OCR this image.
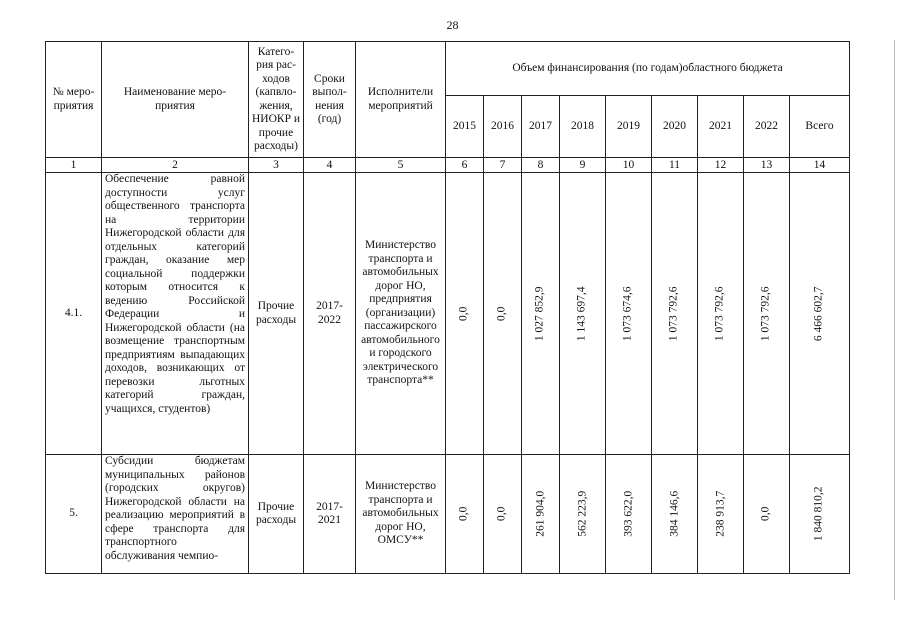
28
№ меро-приятия	Наименование меро-приятия	Катего-рия рас-ходов (капвло-жения, НИОКР и прочие расходы)	Сроки выпол-нения (год)	Исполнители мероприятий	Объем финансирования (по годам)областного бюджета								
					2015	2016	2017	2018	2019	2020	2021	2022	Всего
1	2	3	4	5	6	7	8	9	10	11	12	13	14
4.1.	Обеспечение равной доступности услуг общественного транспорта на территории Нижегородской области для отдельных категорий граждан, оказание мер социальной поддержки которым относится к ведению Российской Федерации и Нижегородской области (на возмещение транспортным предприятиям выпадающих доходов, возникающих от перевозки льготных категорий граждан, учащихся, студентов)	Прочие расходы	2017-2022	Министерство транспорта и автомобильных дорог НО, предприятия (организации) пассажирского автомобильного и городского электрического транспорта**	0,0	0,0	1 027 852,9	1 143 697,4	1 073 674,6	1 073 792,6	1 073 792,6	1 073 792,6	6 466 602,7

5.	Субсидии бюджетам муниципальных районов (городских округов) Нижегородской области на реализацию мероприятий в сфере транспорта для транспортного обслуживания чемпио-	Прочие расходы	2017-2021	Министерство транспорта и автомобильных дорог НО, ОМСУ**	0,0	0,0	261 904,0	562 223,9	393 622,0	384 146,6	238 913,7	0,0	1 840 810,2
